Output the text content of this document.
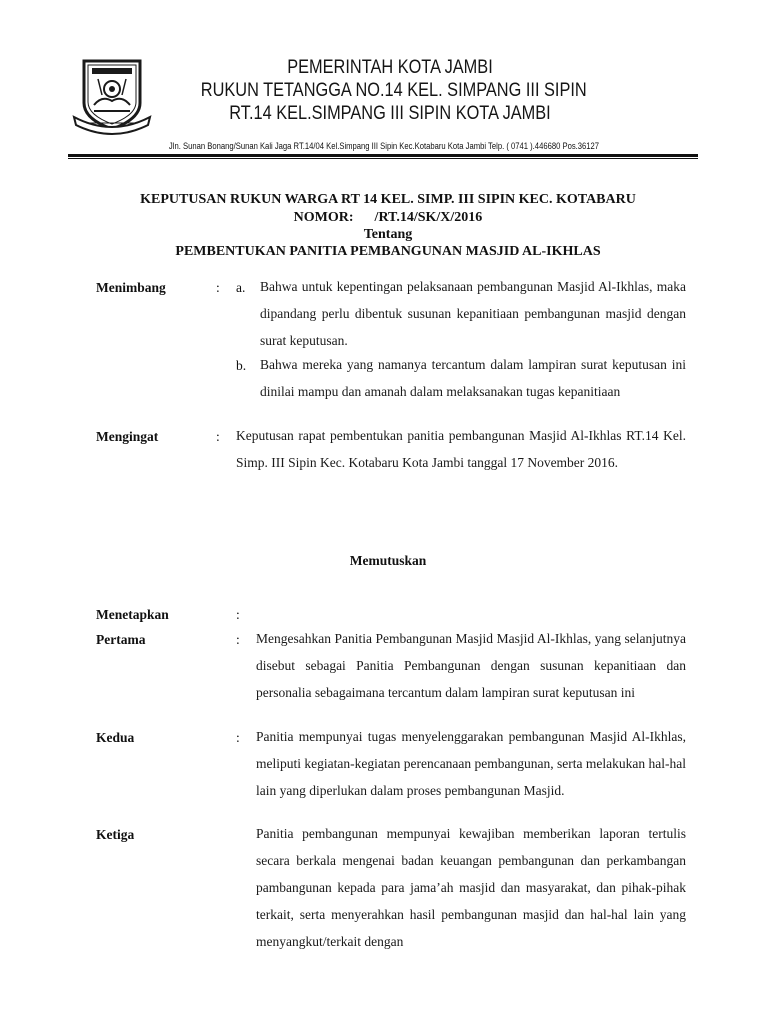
PEMERINTAH KOTA JAMBI
RUKUN TETANGGA NO.14 KEL. SIMPANG III SIPIN
RT.14 KEL.SIMPANG III SIPIN KOTA JAMBI
Jln. Sunan Bonang/Sunan Kali Jaga RT.14/04 Kel.Simpang III Sipin Kec.Kotabaru Kota Jambi Telp. ( 0741 ).446680 Pos.36127
KEPUTUSAN RUKUN WARGA RT 14 KEL. SIMP. III SIPIN KEC. KOTABARU
NOMOR:      /RT.14/SK/X/2016
Tentang
PEMBENTUKAN PANITIA PEMBANGUNAN MASJID AL-IKHLAS
Menimbang	: a. Bahwa untuk kepentingan pelaksanaan pembangunan Masjid Al-Ikhlas, maka dipandang perlu dibentuk susunan kepanitiaan pembangunan masjid dengan surat keputusan.

b. Bahwa mereka yang namanya tercantum dalam lampiran surat keputusan ini dinilai mampu dan amanah dalam melaksanakan tugas kepanitiaan

Mengingat	: Keputusan rapat pembentukan panitia pembangunan Masjid Al-Ikhlas RT.14 Kel. Simp. III Sipin Kec. Kotabaru Kota Jambi tanggal 17 November 2016.

Memutuskan
Menetapkan	:
Pertama	: Mengesahkan Panitia Pembangunan Masjid Masjid Al-Ikhlas, yang selanjutnya disebut sebagai Panitia Pembangunan dengan susunan kepanitiaan dan personalia sebagaimana tercantum dalam lampiran surat keputusan ini

Kedua	: Panitia mempunyai tugas menyelenggarakan pembangunan Masjid Al-Ikhlas, meliputi kegiatan-kegiatan perencanaan pembangunan, serta melakukan hal-hal lain yang diperlukan dalam proses pembangunan Masjid.

Ketiga	Panitia pembangunan mempunyai kewajiban memberikan laporan tertulis secara berkala mengenai badan keuangan pembangunan dan perkambangan pambangunan kepada para jama’ah masjid dan masyarakat, dan pihak-pihak terkait, serta menyerahkan hasil pembangunan masjid dan hal-hal lain yang menyangkut/terkait dengan
